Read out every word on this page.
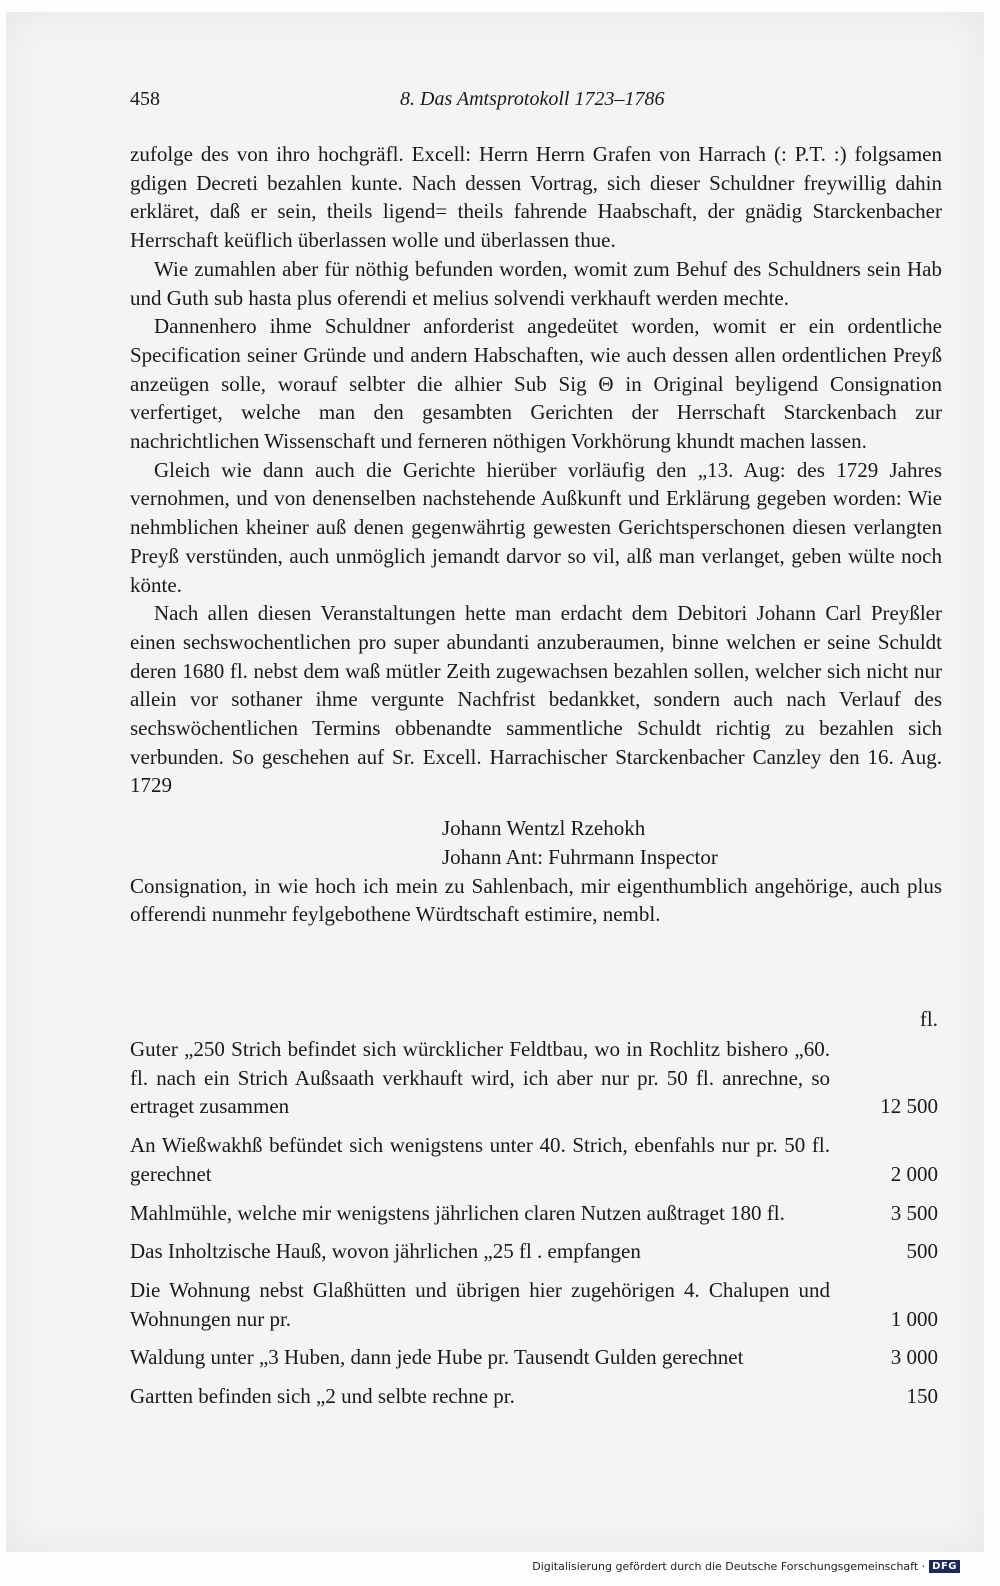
458	8. Das Amtsprotokoll 1723–1786

zufolge des von ihro hochgräfl. Excell: Herrn Herrn Grafen von Harrach (: P.T. :) folgsamen gdigen Decreti bezahlen kunte. Nach dessen Vortrag, sich dieser Schuldner freywillig dahin erkläret, daß er sein, theils ligend= theils fahrende Haabschaft, der gnädig Starckenbacher Herrschaft keüflich überlassen wolle und überlassen thue.

Wie zumahlen aber für nöthig befunden worden, womit zum Behuf des Schuldners sein Hab und Guth sub hasta plus oferendi et melius solvendi verkhauft werden mechte.

Dannenhero ihme Schuldner anforderist angedeütet worden, womit er ein ordentliche Specification seiner Gründe und andern Habschaften, wie auch dessen allen ordentlichen Preyß anzeügen solle, worauf selbter die alhier Sub Sig Θ in Original beyligend Consignation verfertiget, welche man den gesambten Gerichten der Herrschaft Starckenbach zur nachrichtlichen Wissenschaft und ferneren nöthigen Vorkhörung khundt machen lassen.

Gleich wie dann auch die Gerichte hierüber vorläufig den „13. Aug: des 1729 Jahres vernohmen, und von denenselben nachstehende Außkunft und Erklärung gegeben worden: Wie nehmblichen kheiner auß denen gegenwährtig gewesten Gerichtsperschonen diesen verlangten Preyß verstünden, auch unmöglich jemandt darvor so vil, alß man verlanget, geben wülte noch könte.

Nach allen diesen Veranstaltungen hette man erdacht dem Debitori Johann Carl Preyßler einen sechswochentlichen pro super abundanti anzuberaumen, binne welchen er seine Schuldt deren 1680 fl. nebst dem waß mütler Zeith zugewachsen bezahlen sollen, welcher sich nicht nur allein vor sothaner ihme vergunte Nachfrist bedankket, sondern auch nach Verlauf des sechswöchentlichen Termins obbenandte sammentliche Schuldt richtig zu bezahlen sich verbunden. So geschehen auf Sr. Excell. Harrachischer Starckenbacher Canzley den 16. Aug. 1729

Johann Wentzl Rzehokh
Johann Ant: Fuhrmann Inspector

Consignation, in wie hoch ich mein zu Sahlenbach, mir eigenthumblich angehörige, auch plus offerendi nunmehr feylgebothene Würdtschaft estimire, nembl.

fl.
Guter „250 Strich befindet sich würcklicher Feldtbau, wo in Rochlitz bishero „60. fl. nach ein Strich Außsaath verkhauft wird, ich aber nur pr. 50 fl. anrechne, so ertraget zusammen	12 500
An Wießwakhß befündet sich wenigstens unter 40. Strich, ebenfahls nur pr. 50 fl. gerechnet	2 000
Mahlmühle, welche mir wenigstens jährlichen claren Nutzen außtraget 180 fl.	3 500
Das Inholtzische Hauß, wovon jährlichen „25 fl . empfangen	500
Die Wohnung nebst Glaßhütten und übrigen hier zugehörigen 4. Chalupen und Wohnungen nur pr.	1 000
Waldung unter „3 Huben, dann jede Hube pr. Tausendt Gulden gerechnet	3 000
Gartten befinden sich „2 und selbte rechne pr.	150
Digitalisierung gefördert durch die Deutsche Forschungsgemeinschaft · DFG
